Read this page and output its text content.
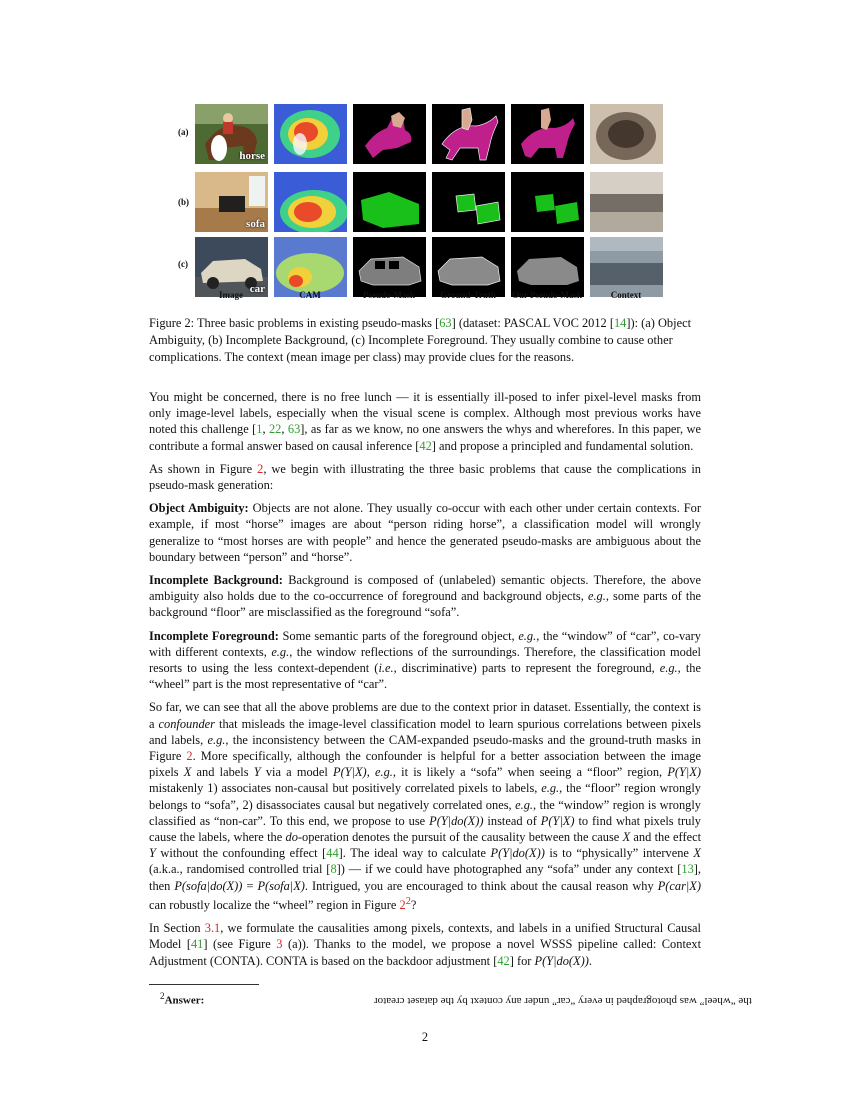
(a)
(b)
(c)
horse
sofa
car
Image	CAM	Pseudo-Mask	Ground-Truth	Our Pseudo-Mask	Context
Figure 2: Three basic problems in existing pseudo-masks [63] (dataset: PASCAL VOC 2012 [14]): (a) Object Ambiguity, (b) Incomplete Background, (c) Incomplete Foreground. They usually combine to cause other complications. The context (mean image per class) may provide clues for the reasons.

You might be concerned, there is no free lunch — it is essentially ill-posed to infer pixel-level masks from only image-level labels, especially when the visual scene is complex. Although most previous works have noted this challenge [1, 22, 63], as far as we know, no one answers the whys and wherefores. In this paper, we contribute a formal answer based on causal inference [42] and propose a principled and fundamental solution.

As shown in Figure 2, we begin with illustrating the three basic problems that cause the complications in pseudo-mask generation:

Object Ambiguity: Objects are not alone. They usually co-occur with each other under certain contexts. For example, if most “horse” images are about “person riding horse”, a classification model will wrongly generalize to “most horses are with people” and hence the generated pseudo-masks are ambiguous about the boundary between “person” and “horse”.

Incomplete Background: Background is composed of (unlabeled) semantic objects. Therefore, the above ambiguity also holds due to the co-occurrence of foreground and background objects, e.g., some parts of the background “floor” are misclassified as the foreground “sofa”.

Incomplete Foreground: Some semantic parts of the foreground object, e.g., the “window” of “car”, co-vary with different contexts, e.g., the window reflections of the surroundings. Therefore, the classification model resorts to using the less context-dependent (i.e., discriminative) parts to represent the foreground, e.g., the “wheel” part is the most representative of “car”.

So far, we can see that all the above problems are due to the context prior in dataset. Essentially, the context is a confounder that misleads the image-level classification model to learn spurious correlations between pixels and labels, e.g., the inconsistency between the CAM-expanded pseudo-masks and the ground-truth masks in Figure 2. More specifically, although the confounder is helpful for a better association between the image pixels X and labels Y via a model P(Y|X), e.g., it is likely a “sofa” when seeing a “floor” region, P(Y|X) mistakenly 1) associates non-causal but positively correlated pixels to labels, e.g., the “floor” region wrongly belongs to “sofa”, 2) disassociates causal but negatively correlated ones, e.g., the “window” region is wrongly classified as “non-car”. To this end, we propose to use P(Y|do(X)) instead of P(Y|X) to find what pixels truly cause the labels, where the do-operation denotes the pursuit of the causality between the cause X and the effect Y without the confounding effect [44]. The ideal way to calculate P(Y|do(X)) is to “physically” intervene X (a.k.a., randomised controlled trial [8]) — if we could have photographed any “sofa” under any context [13], then P(sofa|do(X)) = P(sofa|X). Intrigued, you are encouraged to think about the causal reason why P(car|X) can robustly localize the “wheel” region in Figure 2$^2$?

In Section 3.1, we formulate the causalities among pixels, contexts, and labels in a unified Structural Causal Model [41] (see Figure 3 (a)). Thanks to the model, we propose a novel WSSS pipeline called: Context Adjustment (CONTA). CONTA is based on the backdoor adjustment [42] for P(Y|do(X)).

$^2$Answer:	the “wheel” was photographed in every “car” under any context by the dataset creator
2
